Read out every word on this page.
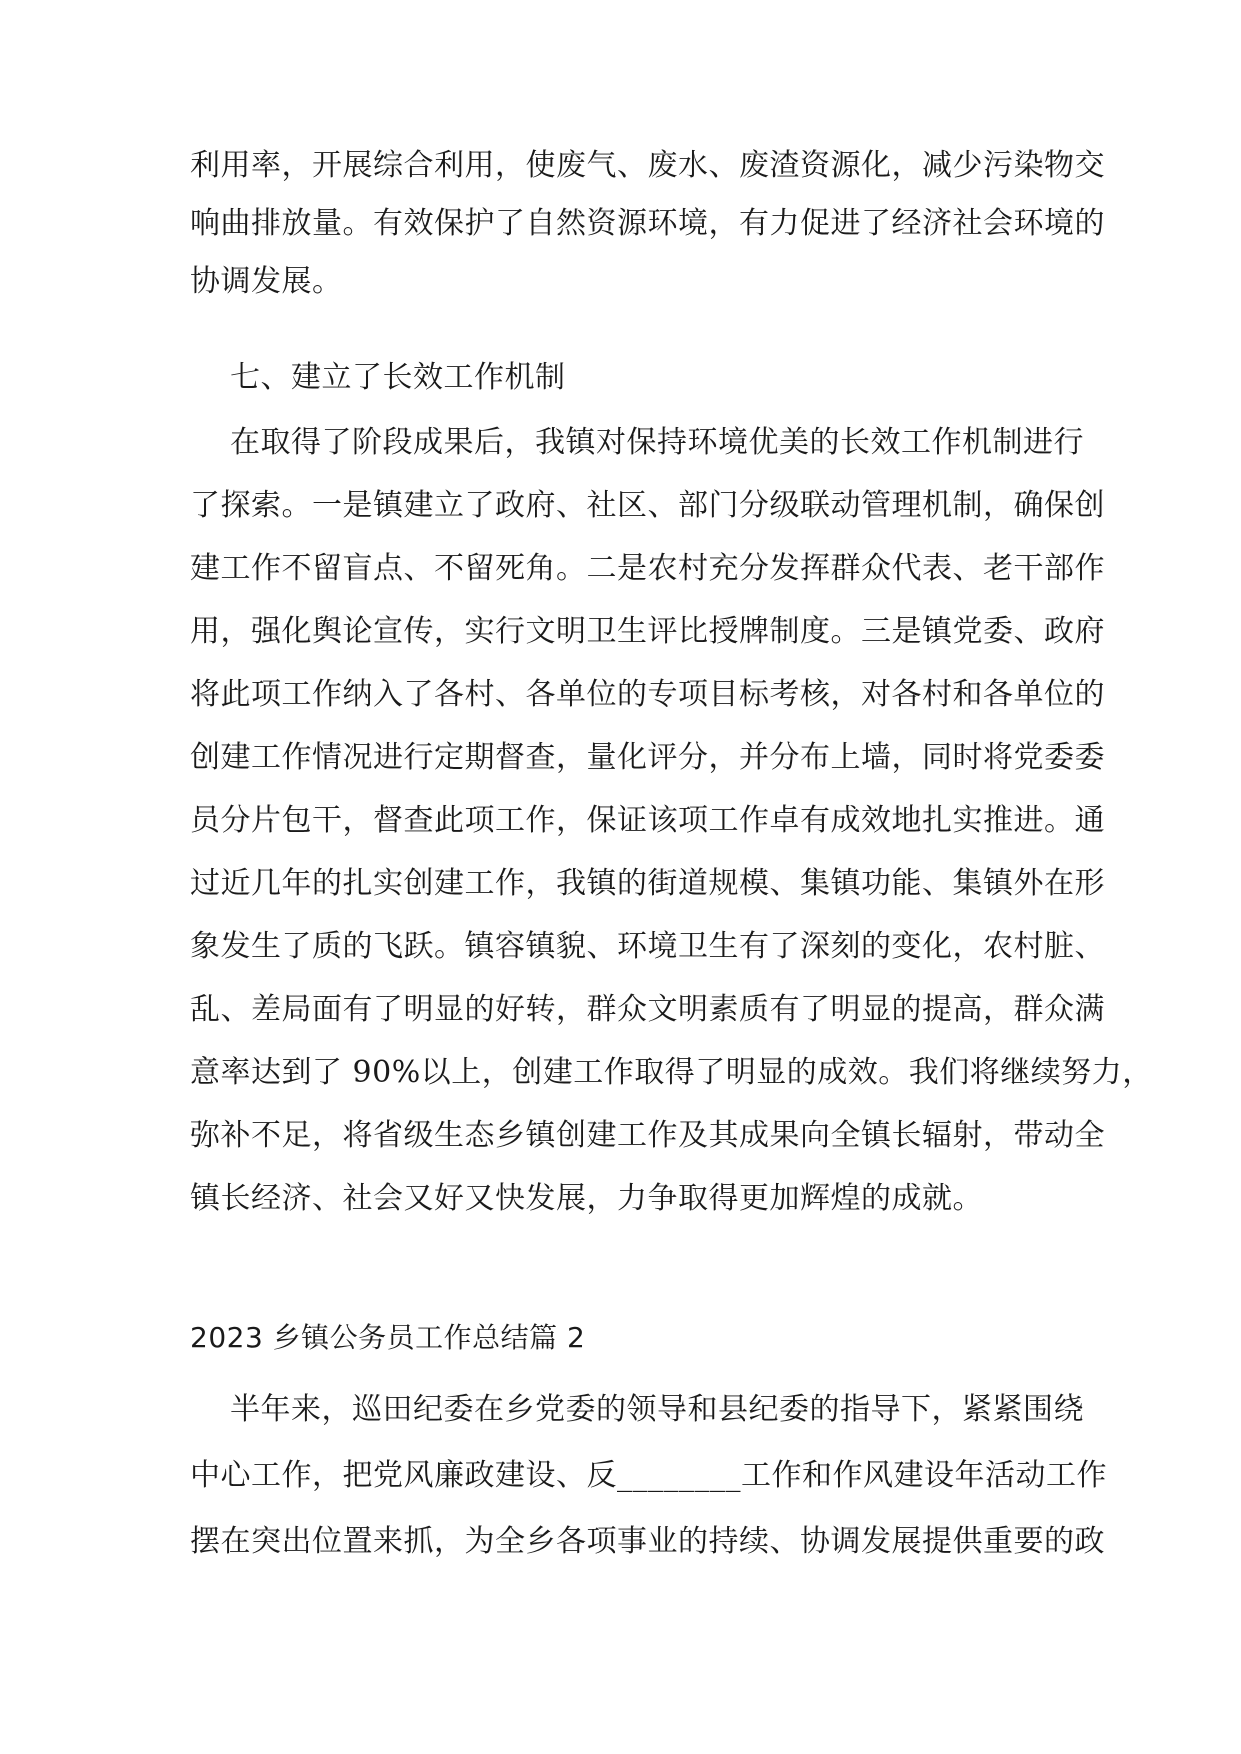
利用率，开展综合利用，使废气、废水、废渣资源化，减少污染物交
响曲排放量。有效保护了自然资源环境，有力促进了经济社会环境的
协调发展。
七、建立了长效工作机制
在取得了阶段成果后，我镇对保持环境优美的长效工作机制进行
了探索。一是镇建立了政府、社区、部门分级联动管理机制，确保创
建工作不留盲点、不留死角。二是农村充分发挥群众代表、老干部作
用，强化舆论宣传，实行文明卫生评比授牌制度。三是镇党委、政府
将此项工作纳入了各村、各单位的专项目标考核，对各村和各单位的
创建工作情况进行定期督查，量化评分，并分布上墙，同时将党委委
员分片包干，督查此项工作，保证该项工作卓有成效地扎实推进。通
过近几年的扎实创建工作，我镇的街道规模、集镇功能、集镇外在形
象发生了质的飞跃。镇容镇貌、环境卫生有了深刻的变化，农村脏、
乱、差局面有了明显的好转，群众文明素质有了明显的提高，群众满
意率达到了 90%以上，创建工作取得了明显的成效。我们将继续努力，
弥补不足，将省级生态乡镇创建工作及其成果向全镇长辐射，带动全
镇长经济、社会又好又快发展，力争取得更加辉煌的成就。
2023 乡镇公务员工作总结篇 2
半年来，巡田纪委在乡党委的领导和县纪委的指导下，紧紧围绕
中心工作，把党风廉政建设、反________工作和作风建设年活动工作
摆在突出位置来抓，为全乡各项事业的持续、协调发展提供重要的政
